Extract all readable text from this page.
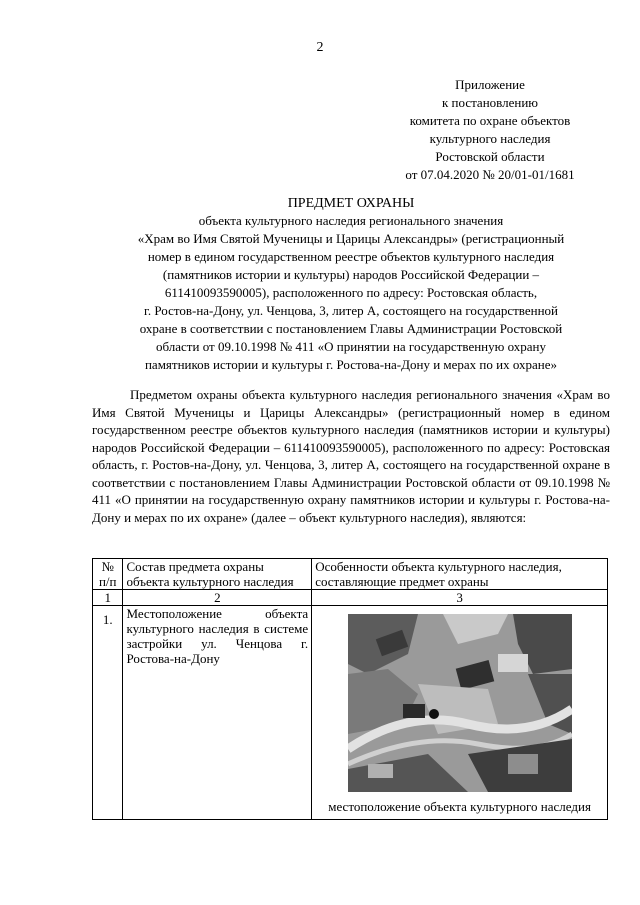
2
Приложение
к постановлению
комитета по охране объектов
культурного наследия
Ростовской области
от 07.04.2020 № 20/01-01/1681
ПРЕДМЕТ ОХРАНЫ
объекта культурного наследия регионального значения
«Храм во Имя Святой Мученицы и Царицы Александры» (регистрационный
номер в едином государственном реестре объектов культурного наследия
(памятников истории и культуры) народов Российской Федерации –
611410093590005), расположенного по адресу: Ростовская область,
г. Ростов-на-Дону, ул. Ченцова, 3, литер А, состоящего на государственной
охране в соответствии с постановлением Главы Администрации Ростовской
области от 09.10.1998 № 411 «О принятии на государственную охрану
памятников истории и культуры г. Ростова-на-Дону и мерах по их охране»
Предметом охраны объекта культурного наследия регионального значения «Храм во Имя Святой Мученицы и Царицы Александры» (регистрационный номер в едином государственном реестре объектов культурного наследия (памятников истории и культуры) народов Российской Федерации – 611410093590005), расположенного по адресу: Ростовская область, г. Ростов-на-Дону, ул. Ченцова, 3, литер А, состоящего на государственной охране в соответствии с постановлением Главы Администрации Ростовской области от 09.10.1998 № 411 «О принятии на государственную охрану памятников истории и культуры г. Ростова-на-Дону и мерах по их охране» (далее – объект культурного наследия), являются:
№ п/п	Состав предмета охраны объекта культурного наследия	Особенности объекта культурного наследия, составляющие предмет охраны
1	2	3
1.	Местоположение объекта культурного наследия в системе застройки ул. Ченцова г. Ростова-на-Дону	местоположение объекта культурного наследия
